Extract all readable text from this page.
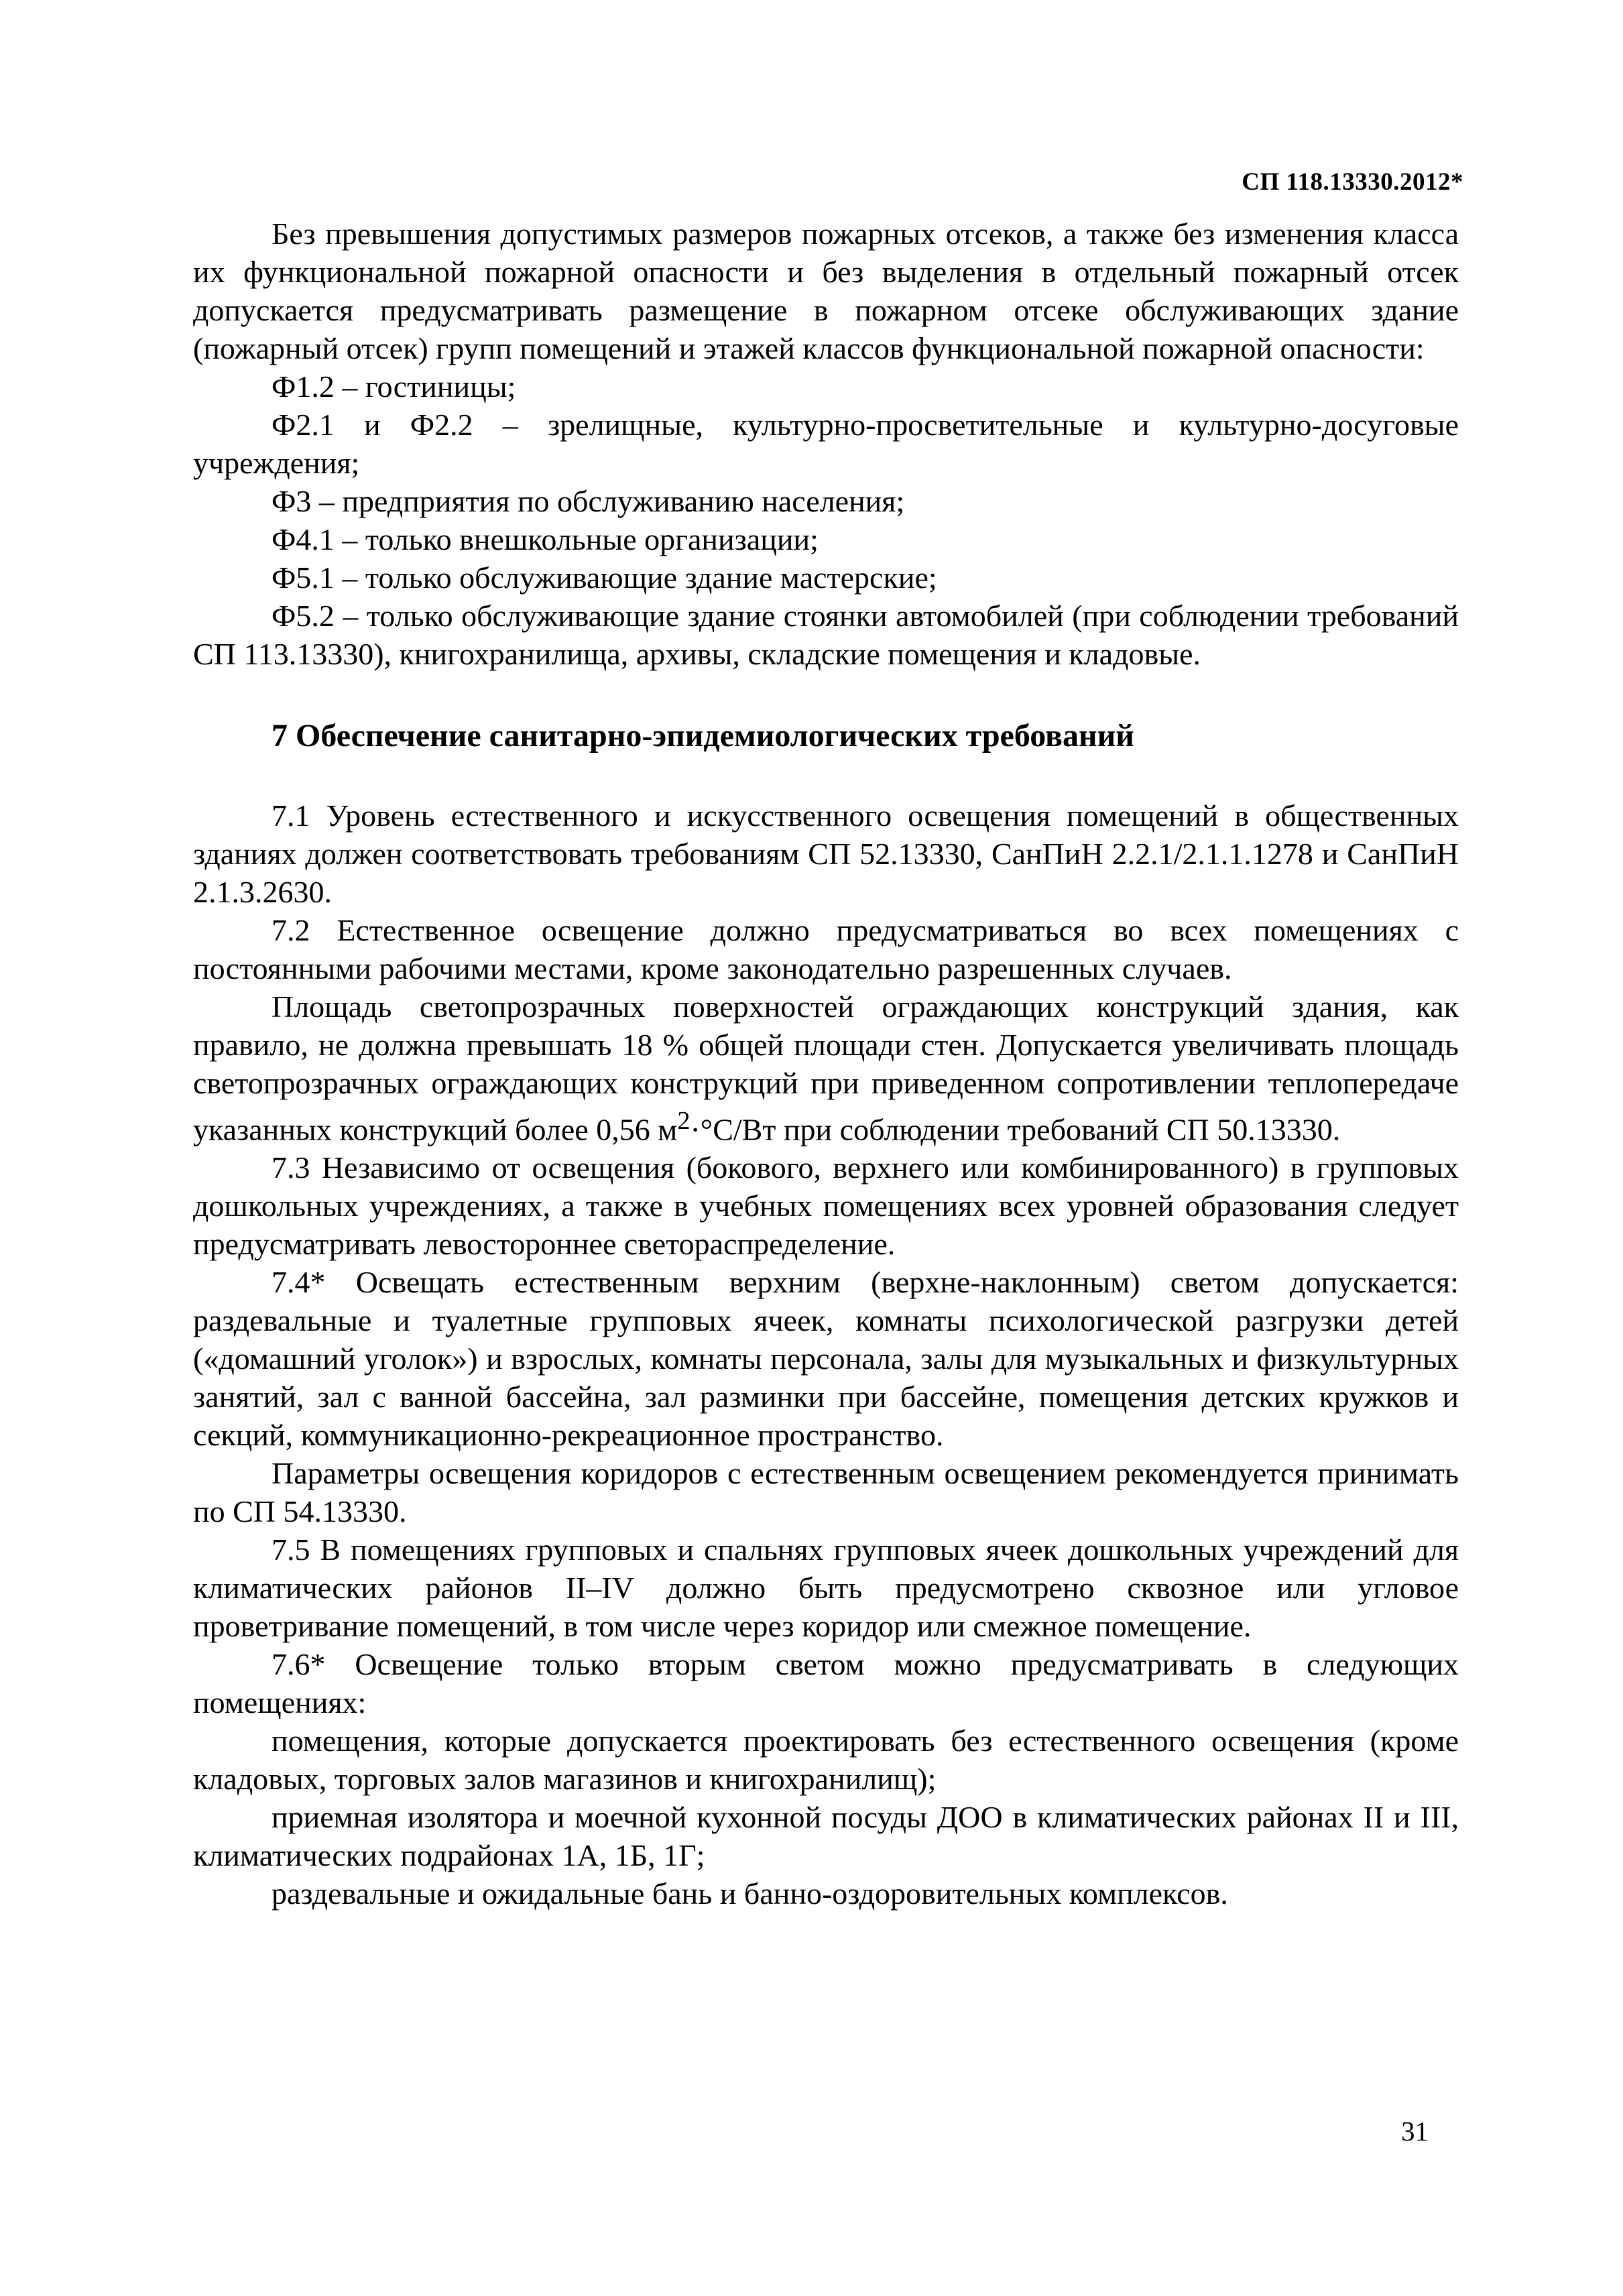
СП 118.13330.2012*

Без превышения допустимых размеров пожарных отсеков, а также без изменения класса их функциональной пожарной опасности и без выделения в отдельный пожарный отсек допускается предусматривать размещение в пожарном отсеке обслуживающих здание (пожарный отсек) групп помещений и этажей классов функциональной пожарной опасности:

Ф1.2 – гостиницы;

Ф2.1 и Ф2.2 – зрелищные, культурно-просветительные и культурно-досуговые учреждения;

Ф3 – предприятия по обслуживанию населения;

Ф4.1 – только внешкольные организации;

Ф5.1 – только обслуживающие здание мастерские;

Ф5.2 – только обслуживающие здание стоянки автомобилей (при соблюдении требований СП 113.13330), книгохранилища, архивы, складские помещения и кладовые.

7 Обеспечение санитарно-эпидемиологических требований

7.1 Уровень естественного и искусственного освещения помещений в общественных зданиях должен соответствовать требованиям СП 52.13330, СанПиН 2.2.1/2.1.1.1278 и СанПиН 2.1.3.2630.

7.2 Естественное освещение должно предусматриваться во всех помещениях с постоянными рабочими местами, кроме законодательно разрешенных случаев.

Площадь светопрозрачных поверхностей ограждающих конструкций здания, как правило, не должна превышать 18 % общей площади стен. Допускается увеличивать площадь светопрозрачных ограждающих конструкций при приведенном сопротивлении теплопередаче указанных конструкций более 0,56 $м^2\cdot^\circ С/Вт$ при соблюдении требований СП 50.13330.

7.3 Независимо от освещения (бокового, верхнего или комбинированного) в групповых дошкольных учреждениях, а также в учебных помещениях всех уровней образования следует предусматривать левостороннее светораспределение.

7.4* Освещать естественным верхним (верхне-наклонным) светом допускается: раздевальные и туалетные групповых ячеек, комнаты психологической разгрузки детей («домашний уголок») и взрослых, комнаты персонала, залы для музыкальных и физкультурных занятий, зал с ванной бассейна, зал разминки при бассейне, помещения детских кружков и секций, коммуникационно-рекреационное пространство.

Параметры освещения коридоров с естественным освещением рекомендуется принимать по СП 54.13330.

7.5 В помещениях групповых и спальнях групповых ячеек дошкольных учреждений для климатических районов II–IV должно быть предусмотрено сквозное или угловое проветривание помещений, в том числе через коридор или смежное помещение.

7.6* Освещение только вторым светом можно предусматривать в следующих помещениях:

помещения, которые допускается проектировать без естественного освещения (кроме кладовых, торговых залов магазинов и книгохранилищ);

приемная изолятора и моечной кухонной посуды ДОО в климатических районах II и III, климатических подрайонах 1А, 1Б, 1Г;

раздевальные и ожидальные бань и банно-оздоровительных комплексов.

31
